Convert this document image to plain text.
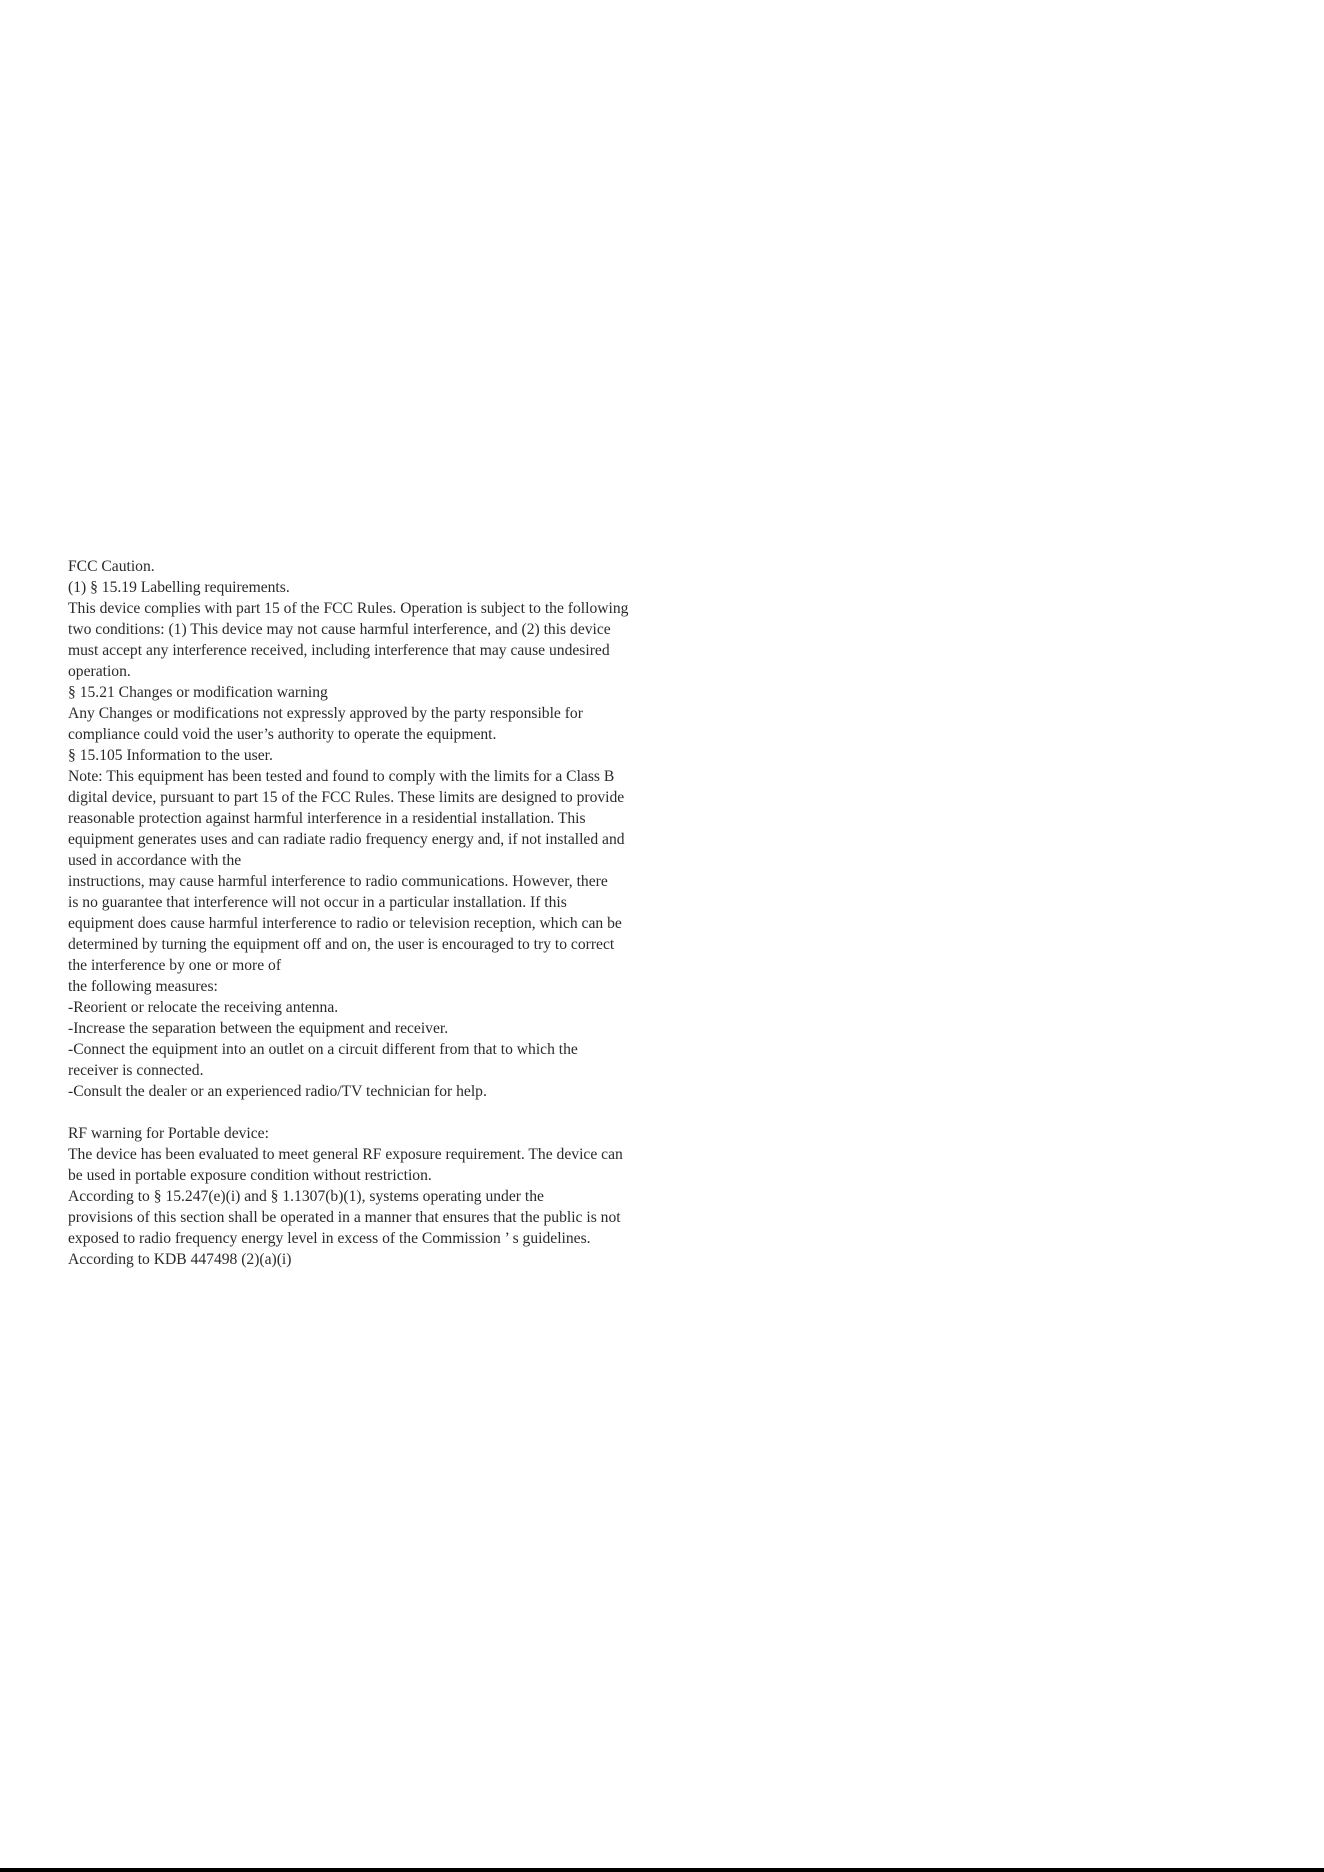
FCC Caution.
(1) § 15.19 Labelling requirements.
This device complies with part 15 of the FCC Rules. Operation is subject to the following
two conditions: (1) This device may not cause harmful interference, and (2) this device
must accept any interference received, including interference that may cause undesired
operation.
§ 15.21 Changes or modification warning
Any Changes or modifications not expressly approved by the party responsible for
compliance could void the user’s authority to operate the equipment.
§ 15.105 Information to the user.
Note: This equipment has been tested and found to comply with the limits for a Class B
digital device, pursuant to part 15 of the FCC Rules. These limits are designed to provide
reasonable protection against harmful interference in a residential installation. This
equipment generates uses and can radiate radio frequency energy and, if not installed and
used in accordance with the
instructions, may cause harmful interference to radio communications. However, there
is no guarantee that interference will not occur in a particular installation. If this
equipment does cause harmful interference to radio or television reception, which can be
determined by turning the equipment off and on, the user is encouraged to try to correct
the interference by one or more of
the following measures:
-Reorient or relocate the receiving antenna.
-Increase the separation between the equipment and receiver.
-Connect the equipment into an outlet on a circuit different from that to which the
receiver is connected.
-Consult the dealer or an experienced radio/TV technician for help.
RF warning for Portable device:
The device has been evaluated to meet general RF exposure requirement. The device can
be used in portable exposure condition without restriction.
According to § 15.247(e)(i) and § 1.1307(b)(1), systems operating under the
provisions of this section shall be operated in a manner that ensures that the public is not
exposed to radio frequency energy level in excess of the Commission ’ s guidelines.
According to KDB 447498 (2)(a)(i)
